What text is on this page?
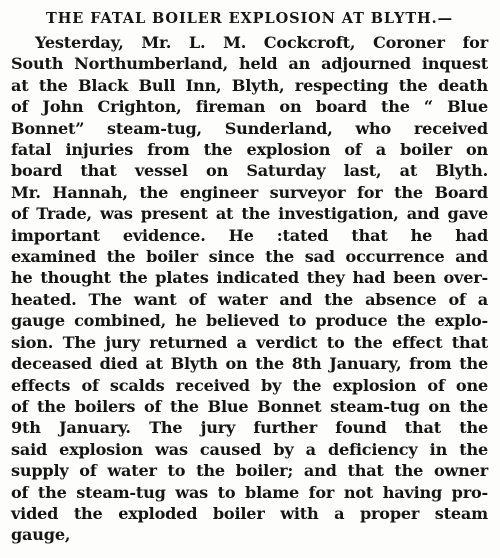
THE FATAL BOILER EXPLOSION AT BLYTH.—
Yesterday, Mr. L. M. Cockcroft, Coroner for
South Northumberland, held an adjourned inquest
at the Black Bull Inn, Blyth, respecting the death
of John Crighton, fireman on board the “ Blue
Bonnet” steam-tug, Sunderland, who received
fatal injuries from the explosion of a boiler on
board that vessel on Saturday last, at Blyth.
Mr. Hannah, the engineer surveyor for the Board
of Trade, was present at the investigation, and gave
important evidence. He :tated that he had
examined the boiler since the sad occurrence and
he thought the plates indicated they had been over-
heated. The want of water and the absence of a
gauge combined, he believed to produce the explo-
sion. The jury returned a verdict to the effect that
deceased died at Blyth on the 8th January, from the
effects of scalds received by the explosion of one
of the boilers of the Blue Bonnet steam-tug on the
9th January. The jury further found that the
said explosion was caused by a deficiency in the
supply of water to the boiler; and that the owner
of the steam-tug was to blame for not having pro-
vided the exploded boiler with a proper steam
gauge,
